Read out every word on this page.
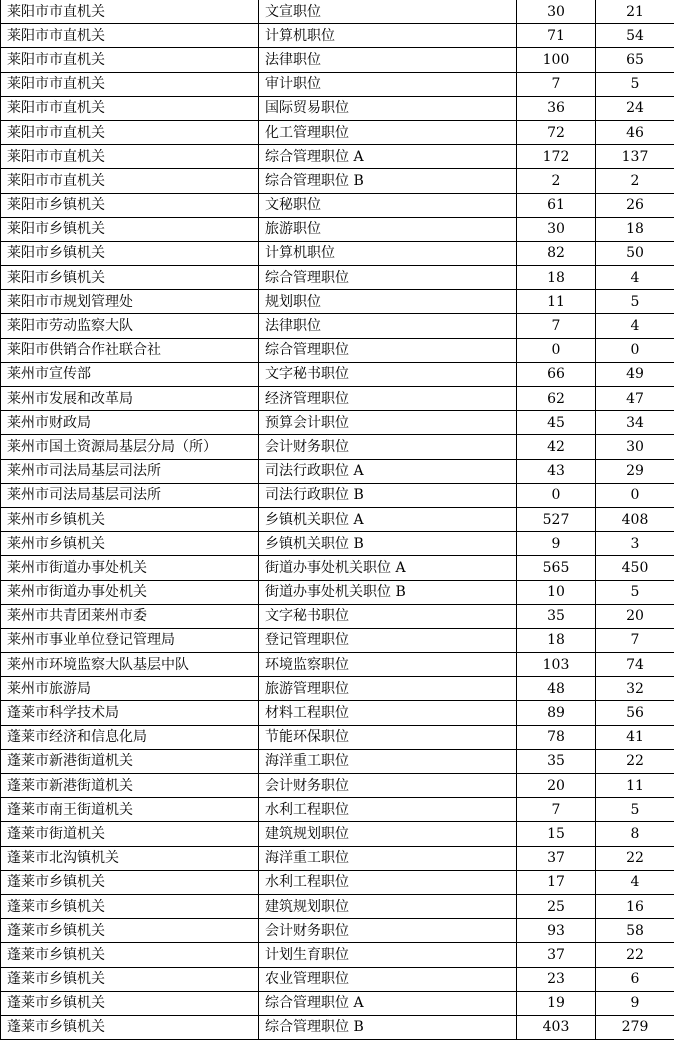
莱阳市市直机关	文宣职位	30	21
莱阳市市直机关	计算机职位	71	54
莱阳市市直机关	法律职位	100	65
莱阳市市直机关	审计职位	7	5
莱阳市市直机关	国际贸易职位	36	24
莱阳市市直机关	化工管理职位	72	46
莱阳市市直机关	综合管理职位 A	172	137
莱阳市市直机关	综合管理职位 B	2	2
莱阳市乡镇机关	文秘职位	61	26
莱阳市乡镇机关	旅游职位	30	18
莱阳市乡镇机关	计算机职位	82	50
莱阳市乡镇机关	综合管理职位	18	4
莱阳市市规划管理处	规划职位	11	5
莱阳市劳动监察大队	法律职位	7	4
莱阳市供销合作社联合社	综合管理职位	0	0
莱州市宣传部	文字秘书职位	66	49
莱州市发展和改革局	经济管理职位	62	47
莱州市财政局	预算会计职位	45	34
莱州市国土资源局基层分局（所）	会计财务职位	42	30
莱州市司法局基层司法所	司法行政职位 A	43	29
莱州市司法局基层司法所	司法行政职位 B	0	0
莱州市乡镇机关	乡镇机关职位 A	527	408
莱州市乡镇机关	乡镇机关职位 B	9	3
莱州市街道办事处机关	街道办事处机关职位 A	565	450
莱州市街道办事处机关	街道办事处机关职位 B	10	5
莱州市共青团莱州市委	文字秘书职位	35	20
莱州市事业单位登记管理局	登记管理职位	18	7
莱州市环境监察大队基层中队	环境监察职位	103	74
莱州市旅游局	旅游管理职位	48	32
蓬莱市科学技术局	材料工程职位	89	56
蓬莱市经济和信息化局	节能环保职位	78	41
蓬莱市新港街道机关	海洋重工职位	35	22
蓬莱市新港街道机关	会计财务职位	20	11
蓬莱市南王街道机关	水利工程职位	7	5
蓬莱市街道机关	建筑规划职位	15	8
蓬莱市北沟镇机关	海洋重工职位	37	22
蓬莱市乡镇机关	水利工程职位	17	4
蓬莱市乡镇机关	建筑规划职位	25	16
蓬莱市乡镇机关	会计财务职位	93	58
蓬莱市乡镇机关	计划生育职位	37	22
蓬莱市乡镇机关	农业管理职位	23	6
蓬莱市乡镇机关	综合管理职位 A	19	9
蓬莱市乡镇机关	综合管理职位 B	403	279
